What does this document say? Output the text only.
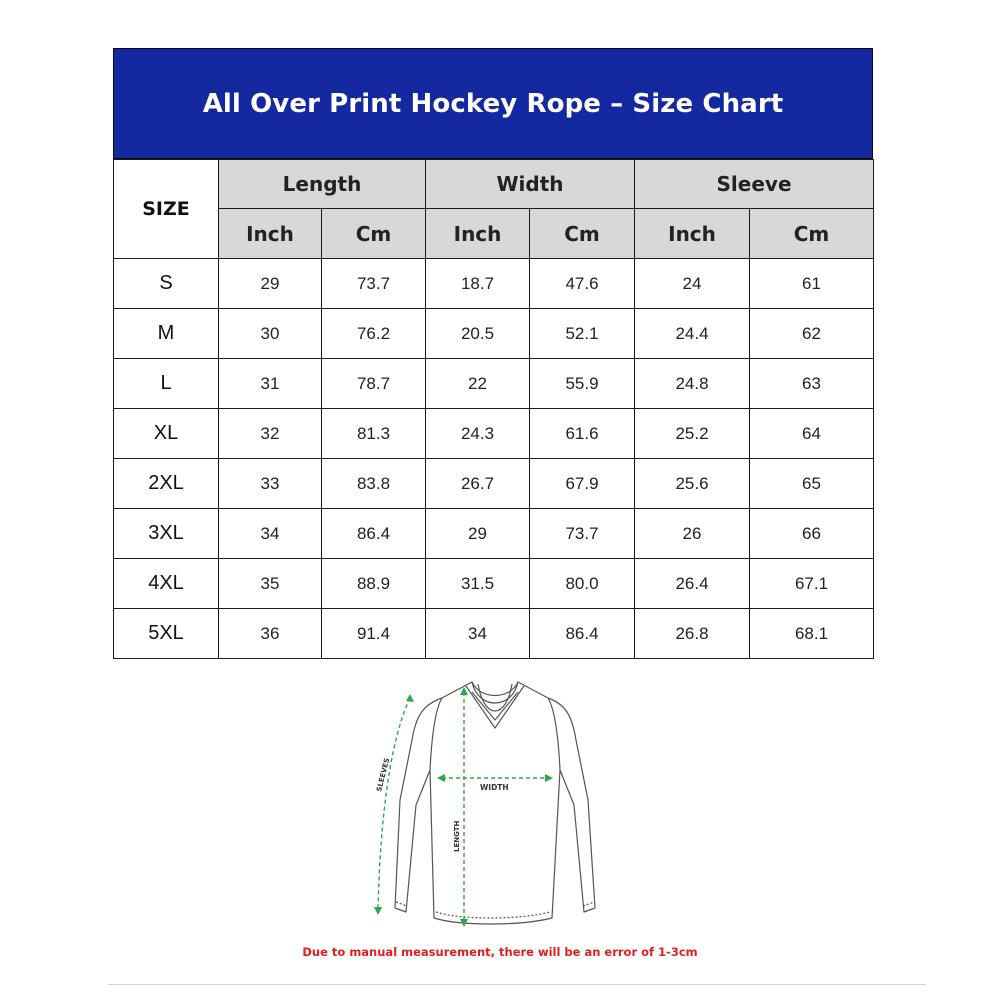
All Over Print Hockey Rope – Size Chart
SIZE	Length		Width		Sleeve	
	Inch	Cm	Inch	Cm	Inch	Cm
S	29	73.7	18.7	47.6	24	61
M	30	76.2	20.5	52.1	24.4	62
L	31	78.7	22	55.9	24.8	63
XL	32	81.3	24.3	61.6	25.2	64
2XL	33	83.8	26.7	67.9	25.6	65
3XL	34	86.4	29	73.7	26	66
4XL	35	88.9	31.5	80.0	26.4	67.1
5XL	36	91.4	34	86.4	26.8	68.1
SLEEVES	WIDTH
LENGTH
Due to manual measurement, there will be an error of 1-3cm
